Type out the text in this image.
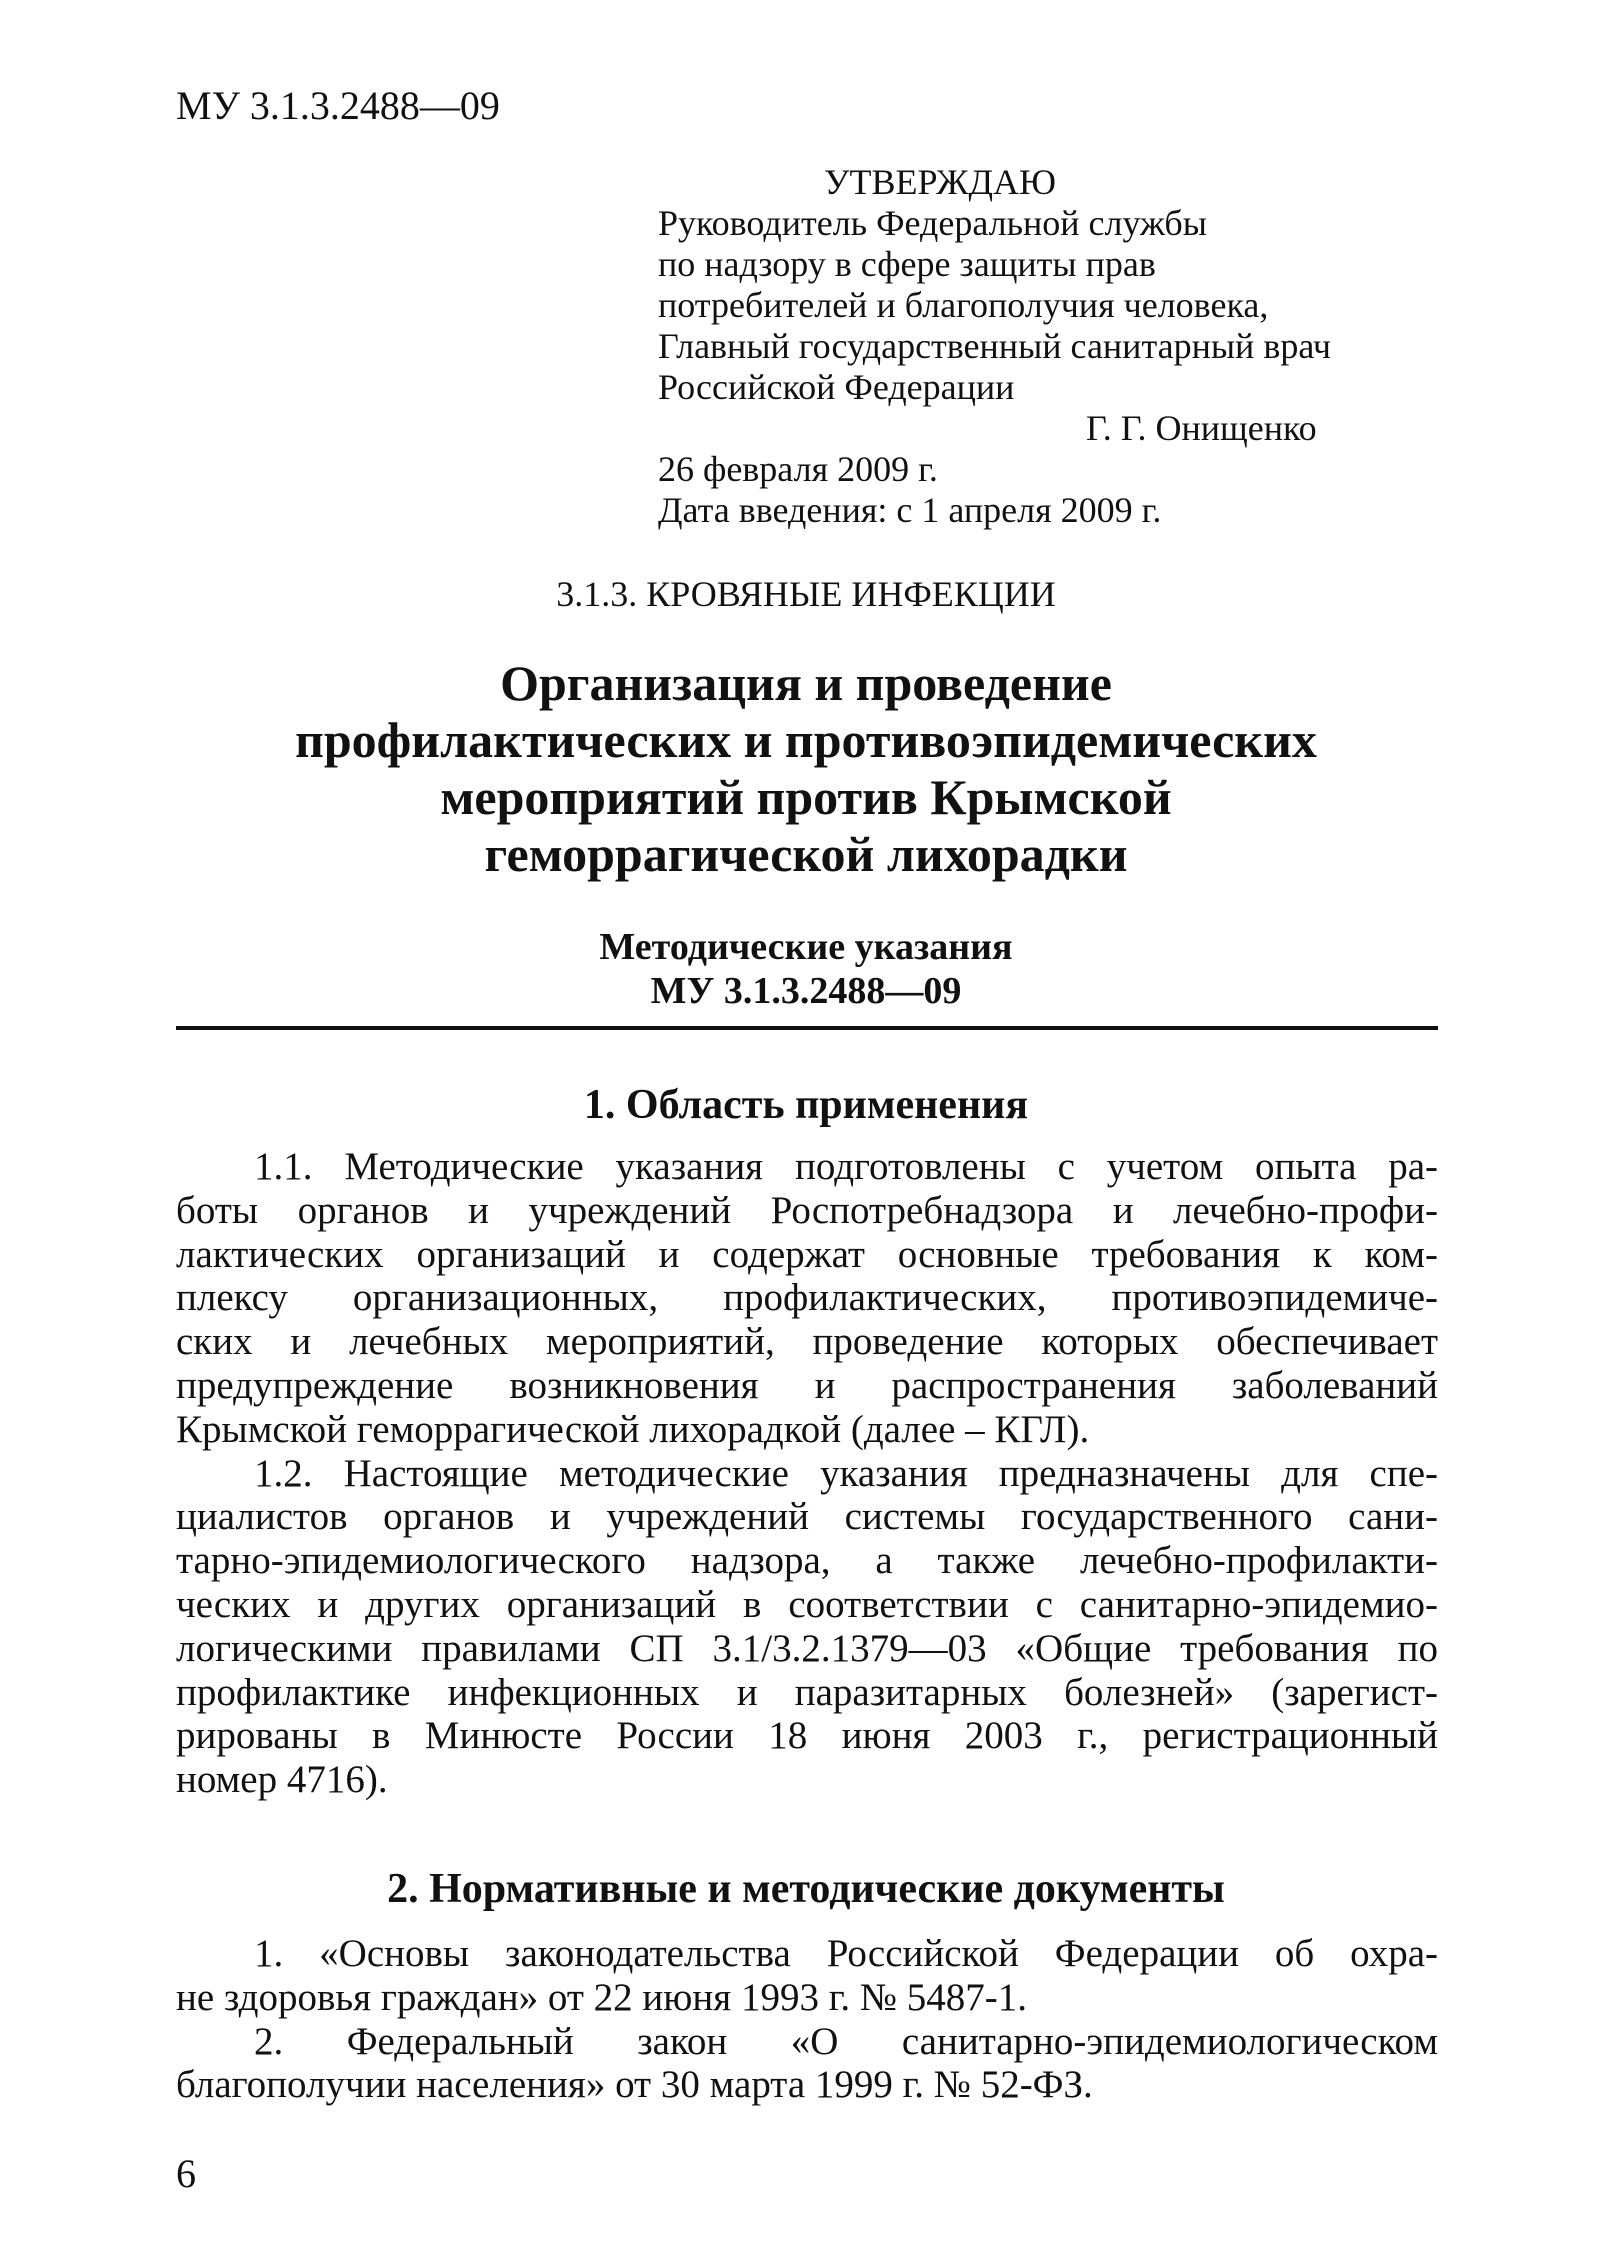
МУ 3.1.3.2488—09
УТВЕРЖДАЮ
Руководитель Федеральной службы
по надзору в сфере защиты прав
потребителей и благополучия человека,
Главный государственный санитарный врач
Российской Федерации
Г. Г. Онищенко
26 февраля 2009 г.
Дата введения: с 1 апреля 2009 г.
3.1.3. КРОВЯНЫЕ ИНФЕКЦИИ
Организация и проведение
профилактических и противоэпидемических
мероприятий против Крымской
геморрагической лихорадки
Методические указания
МУ 3.1.3.2488—09
1. Область применения
1.1. Методические указания подготовлены с учетом опыта ра-
боты органов и учреждений Роспотребнадзора и лечебно-профи-
лактических организаций и содержат основные требования к ком-
плексу организационных, профилактических, противоэпидемиче-
ских и лечебных мероприятий, проведение которых обеспечивает
предупреждение возникновения и распространения заболеваний
Крымской геморрагической лихорадкой (далее – КГЛ).
1.2. Настоящие методические указания предназначены для спе-
циалистов органов и учреждений системы государственного сани-
тарно-эпидемиологического надзора, а также лечебно-профилакти-
ческих и других организаций в соответствии с санитарно-эпидемио-
логическими правилами СП 3.1/3.2.1379—03 «Общие требования по
профилактике инфекционных и паразитарных болезней» (зарегист-
рированы в Минюсте России 18 июня 2003 г., регистрационный
номер 4716).
2. Нормативные и методические документы
1. «Основы законодательства Российской Федерации об охра-
не здоровья граждан» от 22 июня 1993 г. № 5487-1.
2. Федеральный закон «О санитарно-эпидемиологическом
благополучии населения» от 30 марта 1999 г. № 52-ФЗ.
6
